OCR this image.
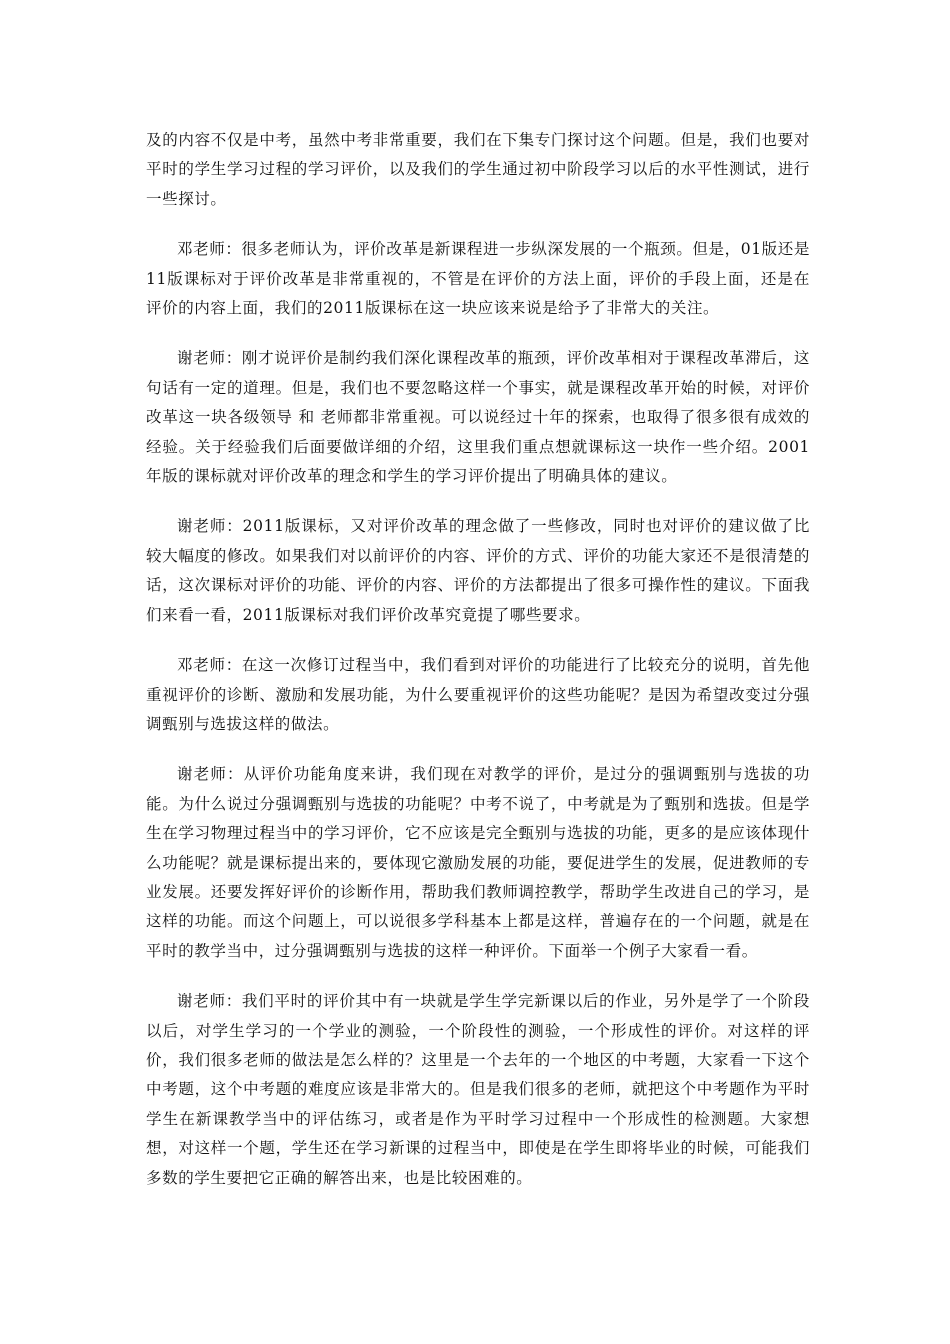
及的内容不仅是中考，虽然中考非常重要，我们在下集专门探讨这个问题。但是，我们也要对平时的学生学习过程的学习评价，以及我们的学生通过初中阶段学习以后的水平性测试，进行一些探讨。

邓老师：很多老师认为，评价改革是新课程进一步纵深发展的一个瓶颈。但是，01版还是11版课标对于评价改革是非常重视的，不管是在评价的方法上面，评价的手段上面，还是在评价的内容上面，我们的2011版课标在这一块应该来说是给予了非常大的关注。

谢老师：刚才说评价是制约我们深化课程改革的瓶颈，评价改革相对于课程改革滞后，这句话有一定的道理。但是，我们也不要忽略这样一个事实，就是课程改革开始的时候，对评价改革这一块各级领导 和 老师都非常重视。可以说经过十年的探索，也取得了很多很有成效的经验。关于经验我们后面要做详细的介绍，这里我们重点想就课标这一块作一些介绍。2001年版的课标就对评价改革的理念和学生的学习评价提出了明确具体的建议。

谢老师：2011版课标，又对评价改革的理念做了一些修改，同时也对评价的建议做了比较大幅度的修改。如果我们对以前评价的内容、评价的方式、评价的功能大家还不是很清楚的话，这次课标对评价的功能、评价的内容、评价的方法都提出了很多可操作性的建议。下面我们来看一看，2011版课标对我们评价改革究竟提了哪些要求。

邓老师：在这一次修订过程当中，我们看到对评价的功能进行了比较充分的说明，首先他重视评价的诊断、激励和发展功能，为什么要重视评价的这些功能呢？是因为希望改变过分强调甄别与选拔这样的做法。

谢老师：从评价功能角度来讲，我们现在对教学的评价，是过分的强调甄别与选拔的功能。为什么说过分强调甄别与选拔的功能呢？中考不说了，中考就是为了甄别和选拔。但是学生在学习物理过程当中的学习评价，它不应该是完全甄别与选拔的功能，更多的是应该体现什么功能呢？就是课标提出来的，要体现它激励发展的功能，要促进学生的发展，促进教师的专业发展。还要发挥好评价的诊断作用，帮助我们教师调控教学，帮助学生改进自己的学习，是这样的功能。而这个问题上，可以说很多学科基本上都是这样，普遍存在的一个问题，就是在平时的教学当中，过分强调甄别与选拔的这样一种评价。下面举一个例子大家看一看。

谢老师：我们平时的评价其中有一块就是学生学完新课以后的作业，另外是学了一个阶段以后，对学生学习的一个学业的测验，一个阶段性的测验，一个形成性的评价。对这样的评价，我们很多老师的做法是怎么样的？这里是一个去年的一个地区的中考题，大家看一下这个中考题，这个中考题的难度应该是非常大的。但是我们很多的老师，就把这个中考题作为平时学生在新课教学当中的评估练习，或者是作为平时学习过程中一个形成性的检测题。大家想想，对这样一个题，学生还在学习新课的过程当中，即使是在学生即将毕业的时候，可能我们多数的学生要把它正确的解答出来，也是比较困难的。
